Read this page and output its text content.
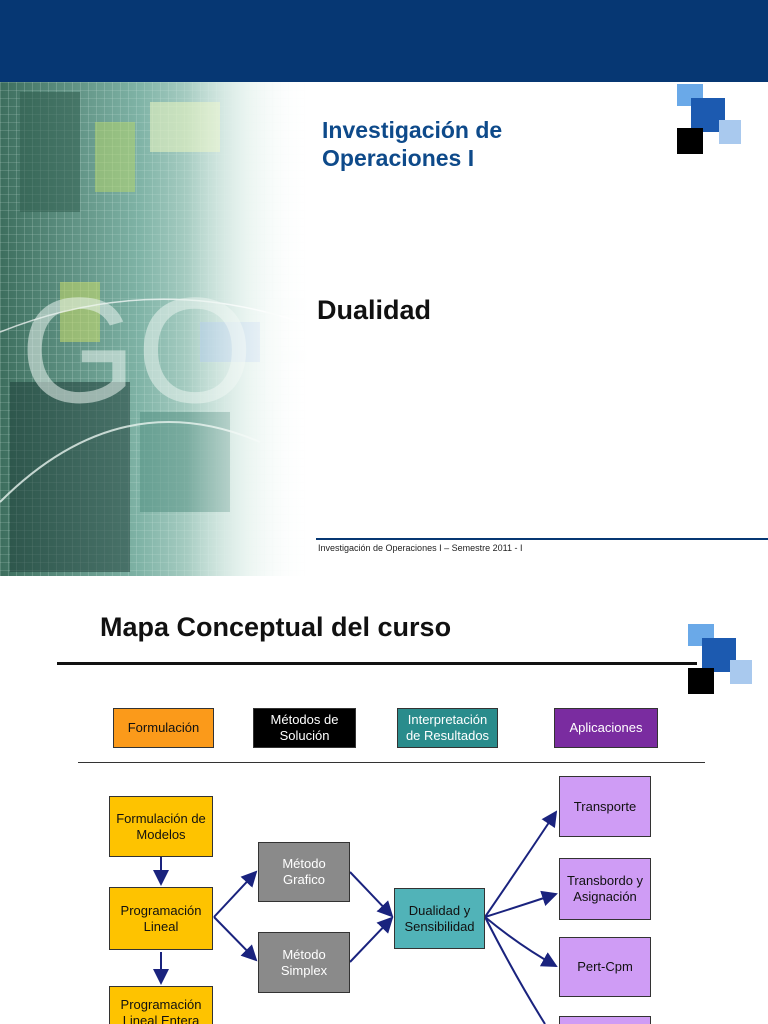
Investigación de
Operaciones I
Dualidad
Investigación de Operaciones I – Semestre 2011 - I
Mapa Conceptual del curso
Formulación
Métodos de
Solución
Interpretación
de Resultados
Aplicaciones
Formulación de
Modelos
Programación
Lineal
Programación
Lineal Entera
Método
Grafico
Método
Simplex
Dualidad y
Sensibilidad
Transporte
Transbordo y
Asignación
Pert-Cpm
